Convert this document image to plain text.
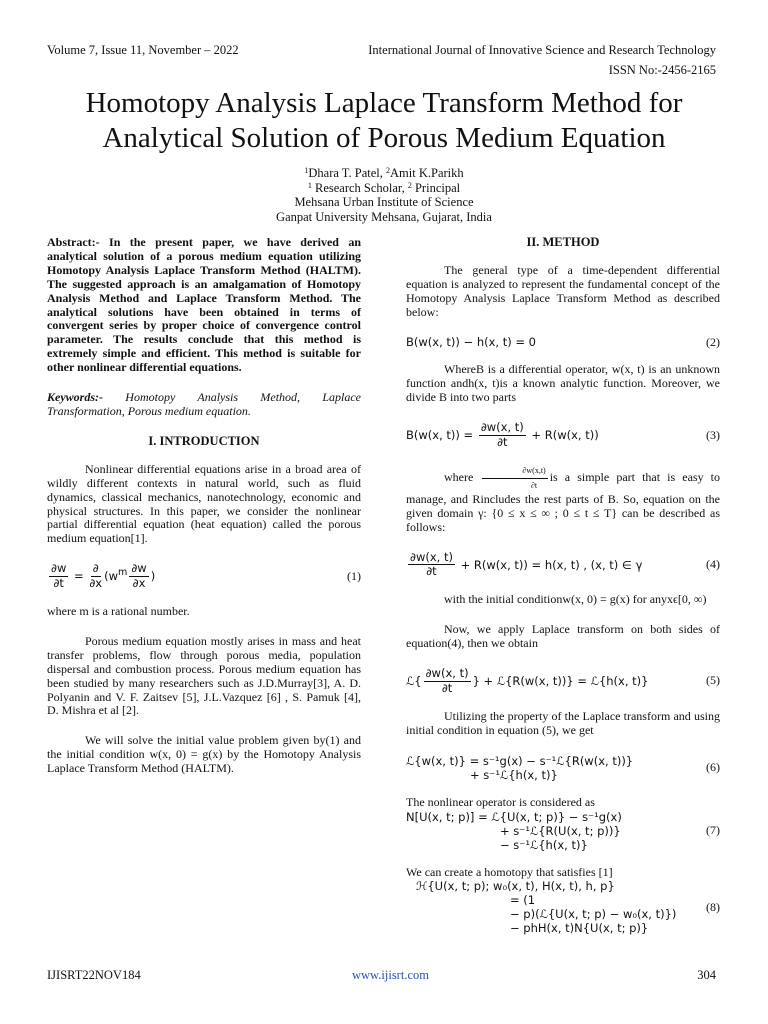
Volume 7, Issue 11, November – 2022	International Journal of Innovative Science and Research Technology
ISSN No:-2456-2165
Homotopy Analysis Laplace Transform Method for
Analytical Solution of Porous Medium Equation
$^1$Dhara T. Patel, $^2$Amit K.Parikh
$^1$ Research Scholar, $^2$ Principal
Mehsana Urban Institute of Science
Ganpat University Mehsana, Gujarat, India

Abstract:- In the present paper, we have derived an analytical solution of a porous medium equation utilizing Homotopy Analysis Laplace Transform Method (HALTM). The suggested approach is an amalgamation of Homotopy Analysis Method and Laplace Transform Method. The analytical solutions have been obtained in terms of convergent series by proper choice of convergence control parameter. The results conclude that this method is extremely simple and efficient. This method is suitable for other nonlinear differential equations.

Keywords:- Homotopy Analysis Method, Laplace Transformation, Porous medium equation.

I. INTRODUCTION

Nonlinear differential equations arise in a broad area of wildly different contexts in natural world, such as fluid dynamics, classical mechanics, nanotechnology, economic and physical structures. In this paper, we consider the nonlinear partial differential equation (heat equation) called the porous medium equation[1].

$\frac{\partial w}{\partial t} = \frac{\partial}{\partial x} (w^m \frac{\partial w}{\partial x}$ )	(1)

where m is a rational number.

Porous medium equation mostly arises in mass and heat transfer problems, flow through porous media, population dispersal and combustion process. Porous medium equation has been studied by many researchers such as J.D.Murray[3], A. D. Polyanin and V. F. Zaitsev [5], J.L.Vazquez [6] , S. Pamuk [4], D. Mishra et al [2].

We will solve the initial value problem given by(1) and the initial condition w(x, 0) = g(x) by the Homotopy Analysis Laplace Transform Method (HALTM).

II. METHOD

The general type of a time-dependent differential equation is analyzed to represent the fundamental concept of the Homotopy Analysis Laplace Transform Method as described below:

B(w(x, t)) − h(x, t) = 0	(2)

WhereB is a differential operator, w(x, t) is an unknown function andh(x, t)is a known analytic function. Moreover, we divide B into two parts

B(w(x, $t)) = \frac{\partial w(x, t)}{\partial t} + R(w(x$, t))	(3)

where $\frac{\partial w(x,t)}{\partial t}$ is a simple part that is easy to manage, and Rincludes the rest parts of B. So, equation on the given domain γ: {0 ≤ x ≤ ∞ ; 0 ≤ t ≤ T} can be described as follows:

$\frac{\partial w(x, t)}{\partial t} + R(w(x$, t)) = h(x, t) , (x, t) ∈ γ	(4)

with the initial conditionw(x, 0) = g(x) for anyxϵ[0, ∞)

Now, we apply Laplace transform on both sides of equation(4), then we obtain

ℒ{ $\frac{\partial w(x, t)}{\partial t}$ } + ℒ{R(w(x, t))} = ℒ{h(x, t)}	(5)

Utilizing the property of the Laplace transform and using initial condition in equation (5), we get

ℒ{w(x, t)} = s⁻¹g(x) − s⁻¹ℒ{R(w(x, t))}
+ s⁻¹ℒ{h(x, t)}
(6)

The nonlinear operator is considered as

N[U(x, t; p)] = ℒ{U(x, t; p)} − s⁻¹g(x)
+ s⁻¹ℒ{R(U(x, t; p))}
− s⁻¹ℒ{h(x, t)}
(7)

We can create a homotopy that satisfies [1]

ℋ{U(x, t; p); w₀(x, t), H(x, t), h, p}
= (1
− p)(ℒ{U(x, t; p) − w₀(x, t)})
− phH(x, t)N{U(x, t; p)}
(8)
IJISRT22NOV184	www.ijisrt.com	304
